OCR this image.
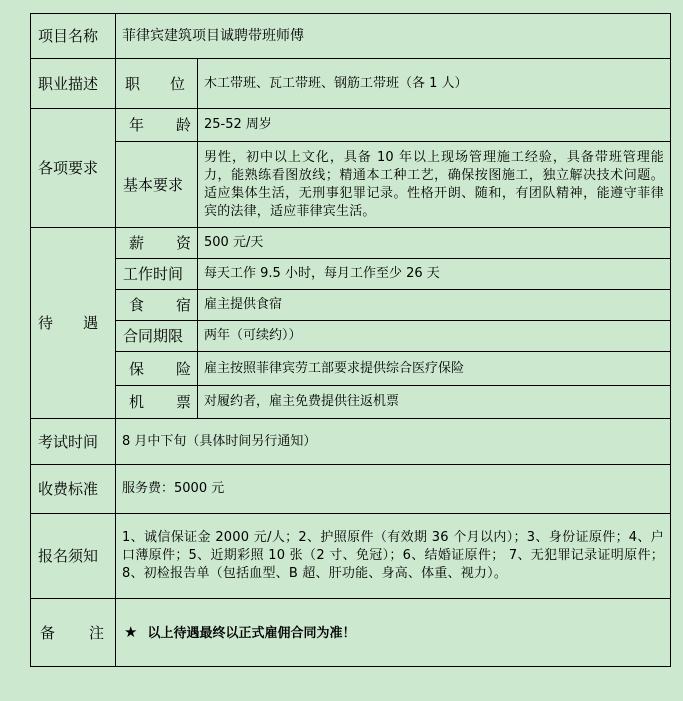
项目名称	菲律宾建筑项目诚聘带班师傅	
职业描述	职 位	木工带班、瓦工带班、钢筋工带班（各 1 人）
各项要求	年 龄	25-52 周岁
	基本要求	男性，初中以上文化，具备 10 年以上现场管理施工经验，具备带班管理能力，能熟练看图放线；精通本工种工艺，确保按图施工，独立解决技术问题。适应集体生活，无刑事犯罪记录。性格开朗、随和，有团队精神，能遵守菲律宾的法律，适应菲律宾生活。

待 遇	薪 资	500 元/天
	工作时间	每天工作 9.5 小时，每月工作至少 26 天

	食 宿	雇主提供食宿
	合同期限	两年（可续约））

	保 险	雇主按照菲律宾劳工部要求提供综合医疗保险

	机 票	对履约者，雇主免费提供往返机票
考试时间	8 月中下旬（具体时间另行通知）	
收费标准	服务费：5000 元	
报名须知	1、诚信保证金 2000 元/人；2、护照原件（有效期 36 个月以内）；3、身份证原件；4、户口薄原件；5、近期彩照 10 张（2 寸、免冠）；6、结婚证原件； 7、无犯罪记录证明原件；8、初检报告单（包括血型、B 超、肝功能、身高、体重、视力）。	

备 注	★ 以上待遇最终以正式雇佣合同为准！	
